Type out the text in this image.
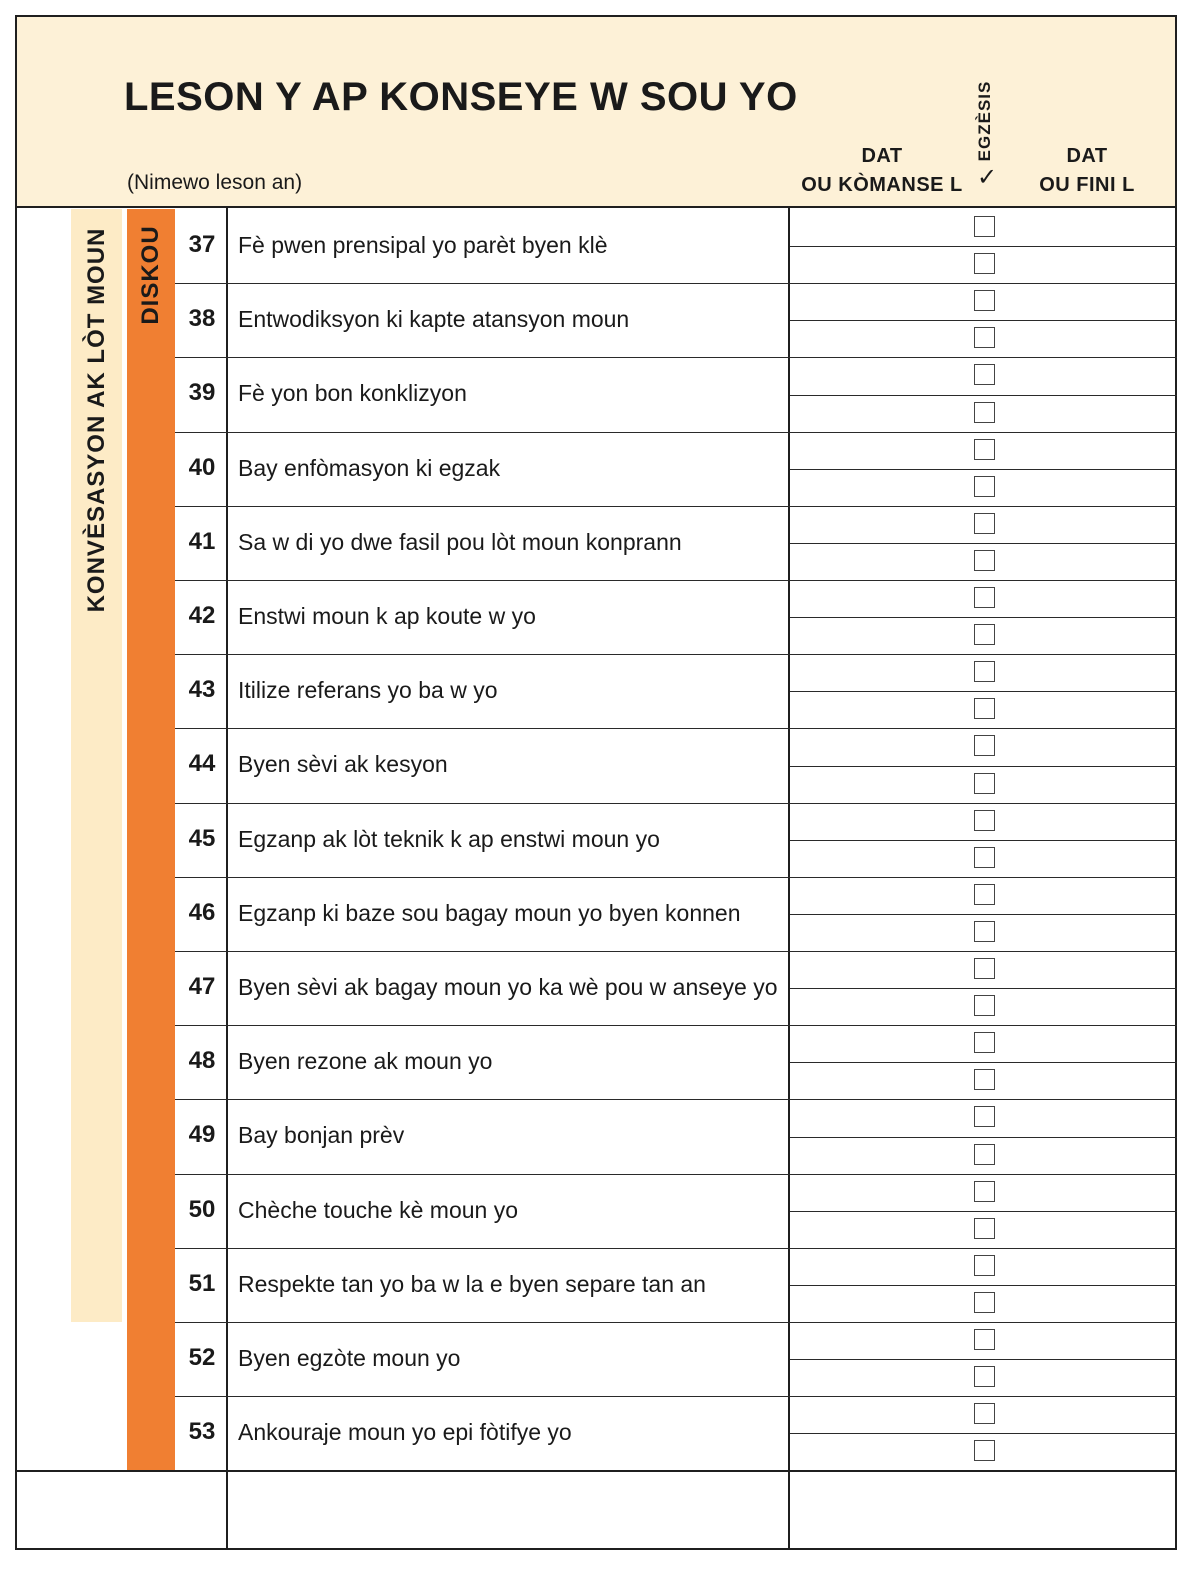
LESON Y AP KONSEYE W SOU YO
(Nimewo leson an)
DAT
OU KÒMANSE L
EGZÈSIS
✓
DAT
OU FINI L
KONVÈSASYON AK LÒT MOUN DISKOU	37 Fè pwen prensipal yo parèt byen klè
38 Entwodiksyon ki kapte atansyon moun
39 Fè yon bon konklizyon
40 Bay enfòmasyon ki egzak
41 Sa w di yo dwe fasil pou lòt moun konprann
42 Enstwi moun k ap koute w yo
43 Itilize referans yo ba w yo
44 Byen sèvi ak kesyon
45 Egzanp ak lòt teknik k ap enstwi moun yo
46 Egzanp ki baze sou bagay moun yo byen konnen
47 Byen sèvi ak bagay moun yo ka wè pou w anseye yo
48 Byen rezone ak moun yo
49 Bay bonjan prèv
50 Chèche touche kè moun yo
51 Respekte tan yo ba w la e byen separe tan an
52 Byen egzòte moun yo
53 Ankouraje moun yo epi fòtifye yo
